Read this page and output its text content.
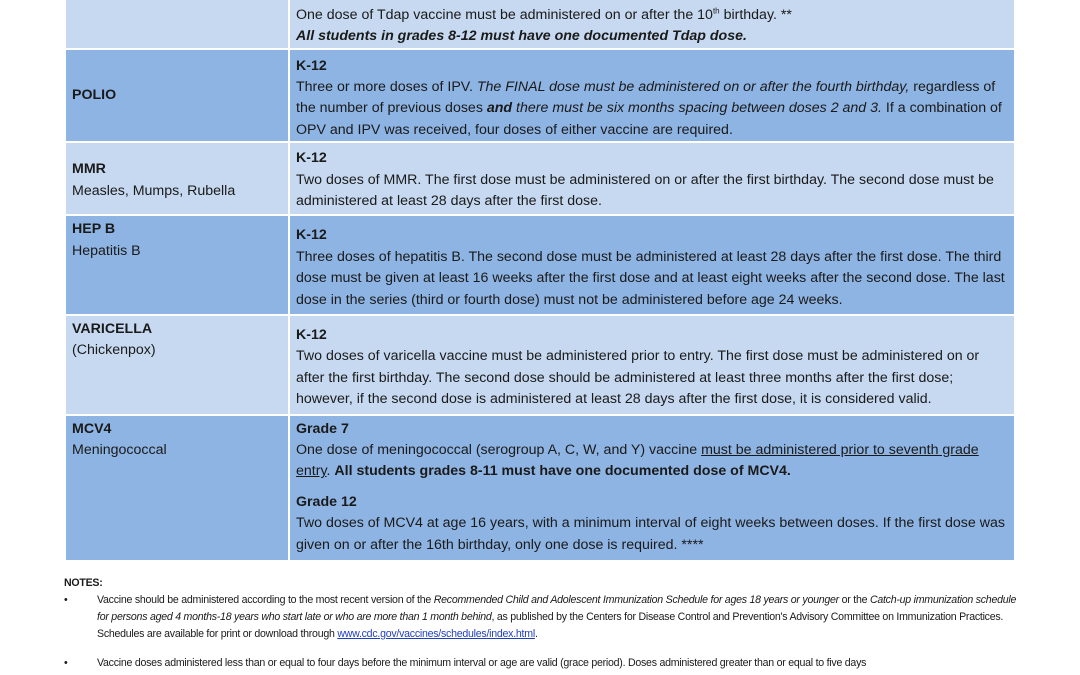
	One dose of Tdap vaccine must be administered on or after the 10th birthday. **
All students in grades 8-12 must have one documented Tdap dose.

POLIO	K-12
Three or more doses of IPV. The FINAL dose must be administered on or after the fourth birthday, regardless of the number of previous doses and there must be six months spacing between doses 2 and 3. If a combination of OPV and IPV was received, four doses of either vaccine are required.

MMR
Measles, Mumps, Rubella	K-12
Two doses of MMR. The first dose must be administered on or after the first birthday. The second dose must be administered at least 28 days after the first dose.

HEP B
Hepatitis B	K-12
Three doses of hepatitis B. The second dose must be administered at least 28 days after the first dose. The third dose must be given at least 16 weeks after the first dose and at least eight weeks after the second dose. The last dose in the series (third or fourth dose) must not be administered before age 24 weeks.

VARICELLA
(Chickenpox)	K-12
Two doses of varicella vaccine must be administered prior to entry. The first dose must be administered on or after the first birthday. The second dose should be administered at least three months after the first dose; however, if the second dose is administered at least 28 days after the first dose, it is considered valid.

MCV4
Meningococcal	Grade 7
One dose of meningococcal (serogroup A, C, W, and Y) vaccine must be administered prior to seventh grade entry. All students grades 8-11 must have one documented dose of MCV4.
Grade 12
Two doses of MCV4 at age 16 years, with a minimum interval of eight weeks between doses. If the first dose was given on or after the 16th birthday, only one dose is required. ****
NOTES:
•	Vaccine should be administered according to the most recent version of the Recommended Child and Adolescent Immunization Schedule for ages 18 years or younger or the Catch-up immunization schedule for persons aged 4 months-18 years who start late or who are more than 1 month behind, as published by the Centers for Disease Control and Prevention's Advisory Committee on Immunization Practices. Schedules are available for print or download through www.cdc.gov/vaccines/schedules/index.html.
•	Vaccine doses administered less than or equal to four days before the minimum interval or age are valid (grace period). Doses administered greater than or equal to five days
